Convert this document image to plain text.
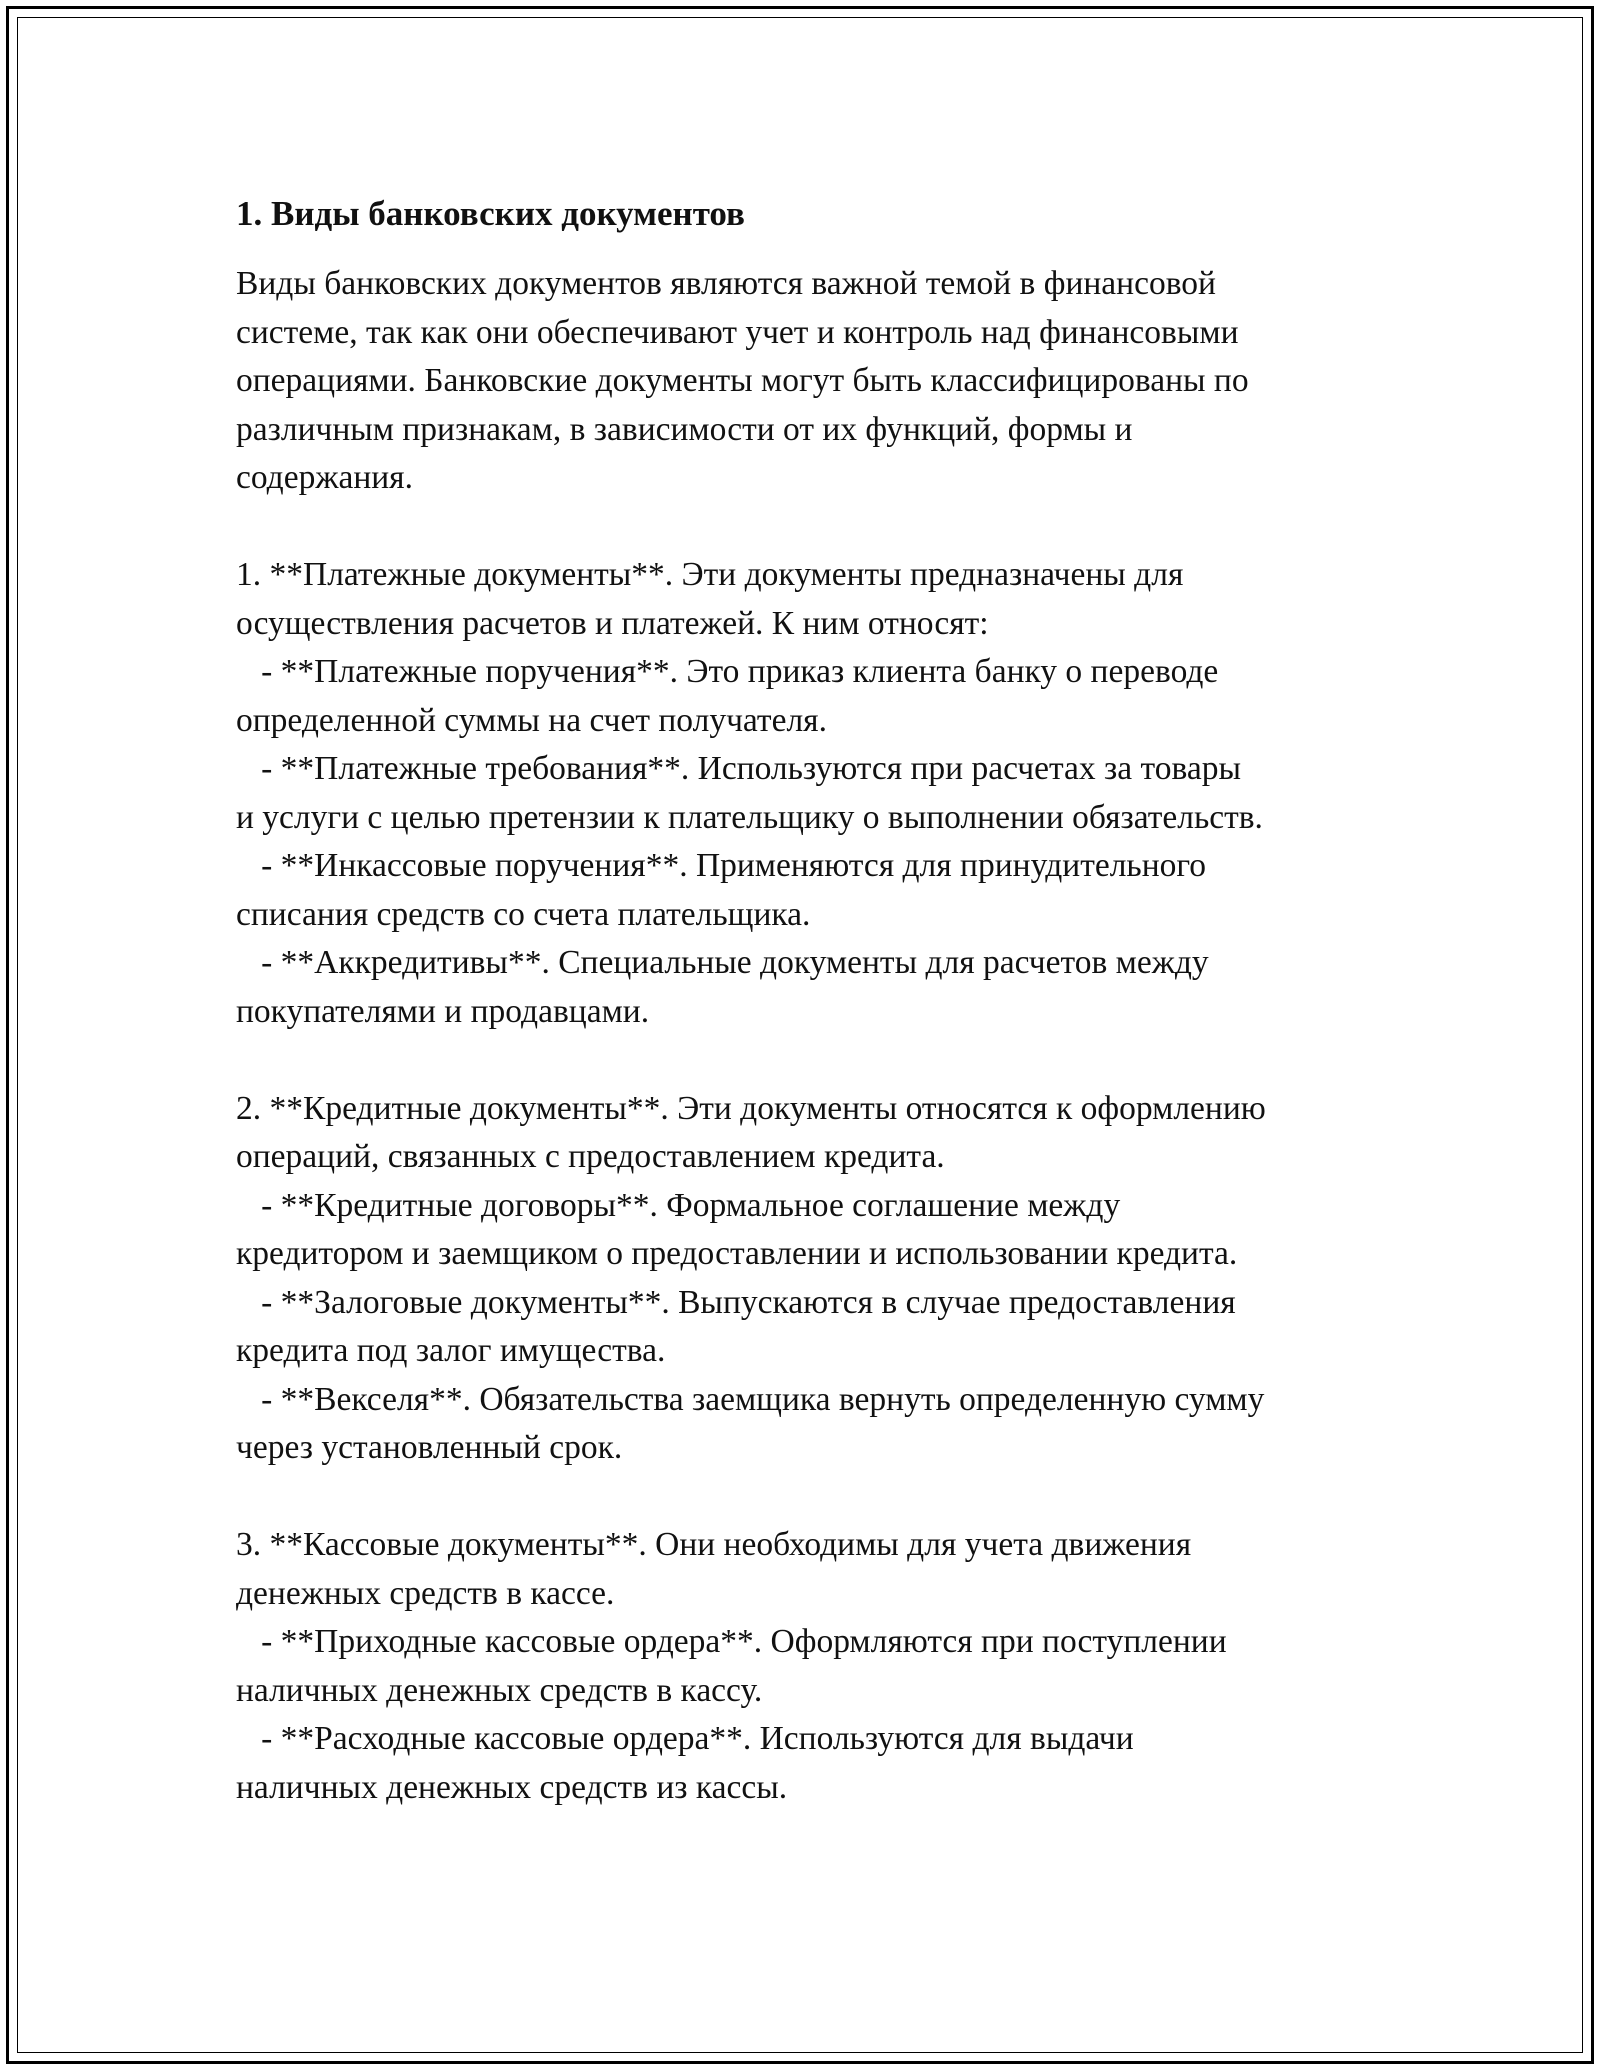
1. Виды банковских документов
Виды банковских документов являются важной темой в финансовой
системе, так как они обеспечивают учет и контроль над финансовыми
операциями. Банковские документы могут быть классифицированы по
различным признакам, в зависимости от их функций, формы и
содержания.
1. **Платежные документы**. Эти документы предназначены для
осуществления расчетов и платежей. К ним относят:
- **Платежные поручения**. Это приказ клиента банку о переводе
определенной суммы на счет получателя.
- **Платежные требования**. Используются при расчетах за товары
и услуги с целью претензии к плательщику о выполнении обязательств.
- **Инкассовые поручения**. Применяются для принудительного
списания средств со счета плательщика.
- **Аккредитивы**. Специальные документы для расчетов между
покупателями и продавцами.
2. **Кредитные документы**. Эти документы относятся к оформлению
операций, связанных с предоставлением кредита.
- **Кредитные договоры**. Формальное соглашение между
кредитором и заемщиком о предоставлении и использовании кредита.
- **Залоговые документы**. Выпускаются в случае предоставления
кредита под залог имущества.
- **Векселя**. Обязательства заемщика вернуть определенную сумму
через установленный срок.
3. **Кассовые документы**. Они необходимы для учета движения
денежных средств в кассе.
- **Приходные кассовые ордера**. Оформляются при поступлении
наличных денежных средств в кассу.
- **Расходные кассовые ордера**. Используются для выдачи
наличных денежных средств из кассы.
